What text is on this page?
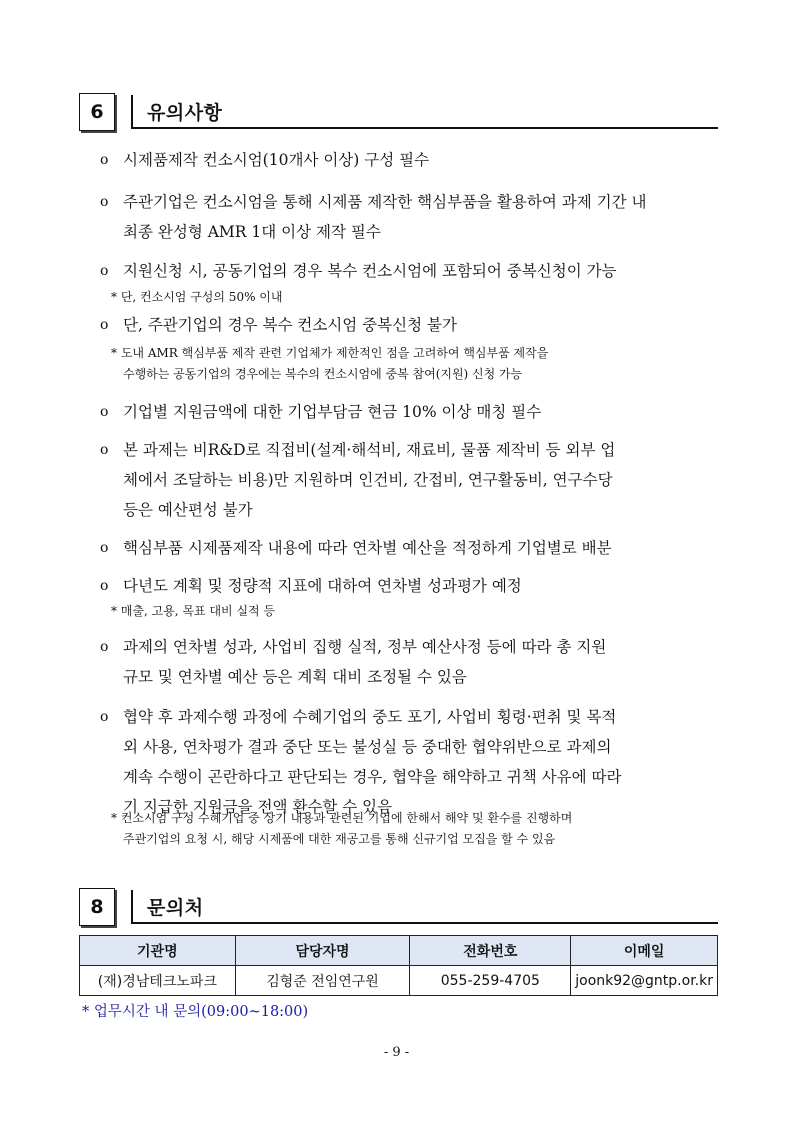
6	유의사항
o 시제품제작 컨소시엄(10개사 이상) 구성 필수
o 주관기업은 컨소시엄을 통해 시제품 제작한 핵심부품을 활용하여 과제 기간 내
최종 완성형 AMR 1대 이상 제작 필수
o 지원신청 시, 공동기업의 경우 복수 컨소시엄에 포함되어 중복신청이 가능
* 단, 컨소시엄 구성의 50% 이내
o 단, 주관기업의 경우 복수 컨소시엄 중복신청 불가
* 도내 AMR 핵심부품 제작 관련 기업체가 제한적인 점을 고려하여 핵심부품 제작을
수행하는 공동기업의 경우에는 복수의 컨소시엄에 중복 참여(지원) 신청 가능
o 기업별 지원금액에 대한 기업부담금 현금 10% 이상 매칭 필수
o 본 과제는 비R&D로 직접비(설계·해석비, 재료비, 물품 제작비 등 외부 업
체에서 조달하는 비용)만 지원하며 인건비, 간접비, 연구활동비, 연구수당
등은 예산편성 불가
o 핵심부품 시제품제작 내용에 따라 연차별 예산을 적정하게 기업별로 배분
o 다년도 계획 및 정량적 지표에 대하여 연차별 성과평가 예정
* 매출, 고용, 목표 대비 실적 등
o 과제의 연차별 성과, 사업비 집행 실적, 정부 예산사정 등에 따라 총 지원
규모 및 연차별 예산 등은 계획 대비 조정될 수 있음
o 협약 후 과제수행 과정에 수혜기업의 중도 포기, 사업비 횡령·편취 및 목적
외 사용, 연차평가 결과 중단 또는 불성실 등 중대한 협약위반으로 과제의
계속 수행이 곤란하다고 판단되는 경우, 협약을 해약하고 귀책 사유에 따라
기 지급한 지원금을 전액 환수할 수 있음
* 컨소시엄 구성 수혜기업 중 상기 내용과 관련된 기업에 한해서 해약 및 환수를 진행하며
주관기업의 요청 시, 해당 시제품에 대한 재공고를 통해 신규기업 모집을 할 수 있음
8	문의처
기관명	담당자명	전화번호	이메일
(재)경남테크노파크	김형준 전임연구원	055-259-4705	joonk92@gntp.or.kr
* 업무시간 내 문의(09:00~18:00)
- 9 -
